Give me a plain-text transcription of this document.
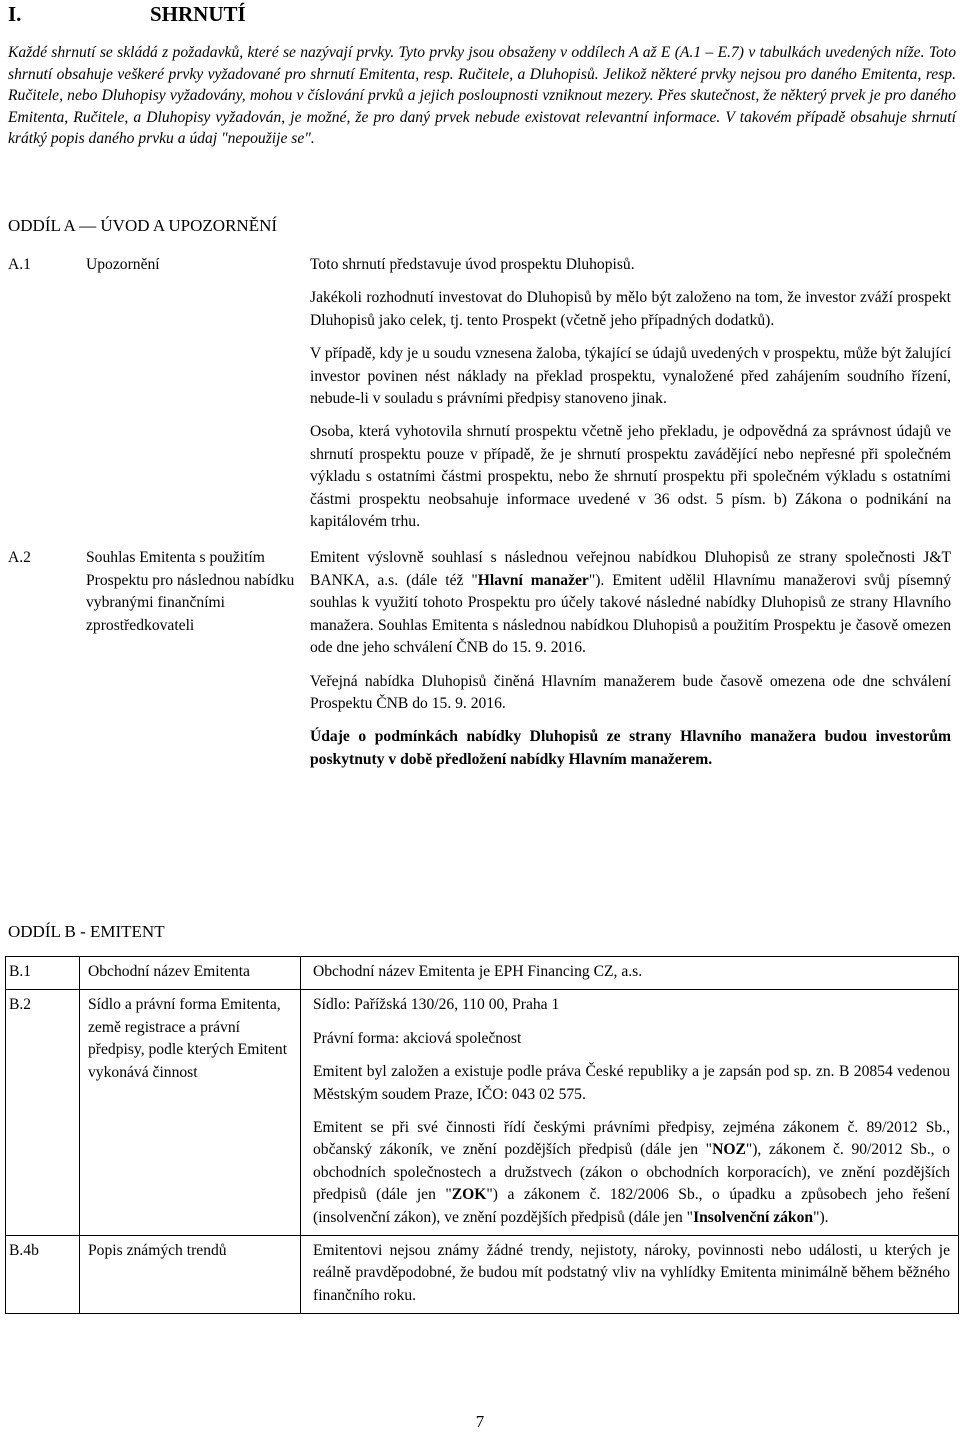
I.	SHRNUTÍ
Každé shrnutí se skládá z požadavků, které se nazývají prvky. Tyto prvky jsou obsaženy v oddílech A až E (A.1 – E.7) v tabulkách uvedených níže. Toto shrnutí obsahuje veškeré prvky vyžadované pro shrnutí Emitenta, resp. Ručitele, a Dluhopisů. Jelikož některé prvky nejsou pro daného Emitenta, resp. Ručitele, nebo Dluhopisy vyžadovány, mohou v číslování prvků a jejich posloupnosti vzniknout mezery. Přes skutečnost, že některý prvek je pro daného Emitenta, Ručitele, a Dluhopisy vyžadován, je možné, že pro daný prvek nebude existovat relevantní informace. V takovém případě obsahuje shrnutí krátký popis daného prvku a údaj "nepoužije se".
ODDÍL A — ÚVOD A UPOZORNĚNÍ
A.1	Upozornění	Toto shrnutí představuje úvod prospektu Dluhopisů.

Jakékoli rozhodnutí investovat do Dluhopisů by mělo být založeno na tom, že investor zváží prospekt Dluhopisů jako celek, tj. tento Prospekt (včetně jeho případných dodatků).

V případě, kdy je u soudu vznesena žaloba, týkající se údajů uvedených v prospektu, může být žalující investor povinen nést náklady na překlad prospektu, vynaložené před zahájením soudního řízení, nebude-li v souladu s právními předpisy stanoveno jinak.

Osoba, která vyhotovila shrnutí prospektu včetně jeho překladu, je odpovědná za správnost údajů ve shrnutí prospektu pouze v případě, že je shrnutí prospektu zavádějící nebo nepřesné při společném výkladu s ostatními částmi prospektu, nebo že shrnutí prospektu při společném výkladu s ostatními částmi prospektu neobsahuje informace uvedené v 36 odst. 5 písm. b) Zákona o podnikání na kapitálovém trhu.

A.2	Souhlas Emitenta s použitím Prospektu pro následnou nabídku vybranými finančními zprostředkovateli	Emitent výslovně souhlasí s následnou veřejnou nabídkou Dluhopisů ze strany společnosti J&T BANKA, a.s. (dále též "Hlavní manažer"). Emitent udělil Hlavnímu manažerovi svůj písemný souhlas k využití tohoto Prospektu pro účely takové následné nabídky Dluhopisů ze strany Hlavního manažera. Souhlas Emitenta s následnou nabídkou Dluhopisů a použitím Prospektu je časově omezen ode dne jeho schválení ČNB do 15. 9. 2016.

Veřejná nabídka Dluhopisů činěná Hlavním manažerem bude časově omezena ode dne schválení Prospektu ČNB do 15. 9. 2016.

Údaje o podmínkách nabídky Dluhopisů ze strany Hlavního manažera budou investorům poskytnuty v době předložení nabídky Hlavním manažerem.

ODDÍL B - EMITENT
B.1	Obchodní název Emitenta	Obchodní název Emitenta je EPH Financing CZ, a.s.

B.2	Sídlo a právní forma Emitenta, země registrace a právní předpisy, podle kterých Emitent vykonává činnost	Sídlo: Pařížská 130/26, 110 00, Praha 1

Právní forma: akciová společnost

Emitent byl založen a existuje podle práva České republiky a je zapsán pod sp. zn. B 20854 vedenou Městským soudem Praze, IČO: 043 02 575.

Emitent se při své činnosti řídí českými právními předpisy, zejména zákonem č. 89/2012 Sb., občanský zákoník, ve znění pozdějších předpisů (dále jen "NOZ"), zákonem č. 90/2012 Sb., o obchodních společnostech a družstvech (zákon o obchodních korporacích), ve znění pozdějších předpisů (dále jen "ZOK") a zákonem č. 182/2006 Sb., o úpadku a způsobech jeho řešení (insolvenční zákon), ve znění pozdějších předpisů (dále jen "Insolvenční zákon").

B.4b	Popis známých trendů	Emitentovi nejsou známy žádné trendy, nejistoty, nároky, povinnosti nebo události, u kterých je reálně pravděpodobné, že budou mít podstatný vliv na vyhlídky Emitenta minimálně během běžného finančního roku.

7
